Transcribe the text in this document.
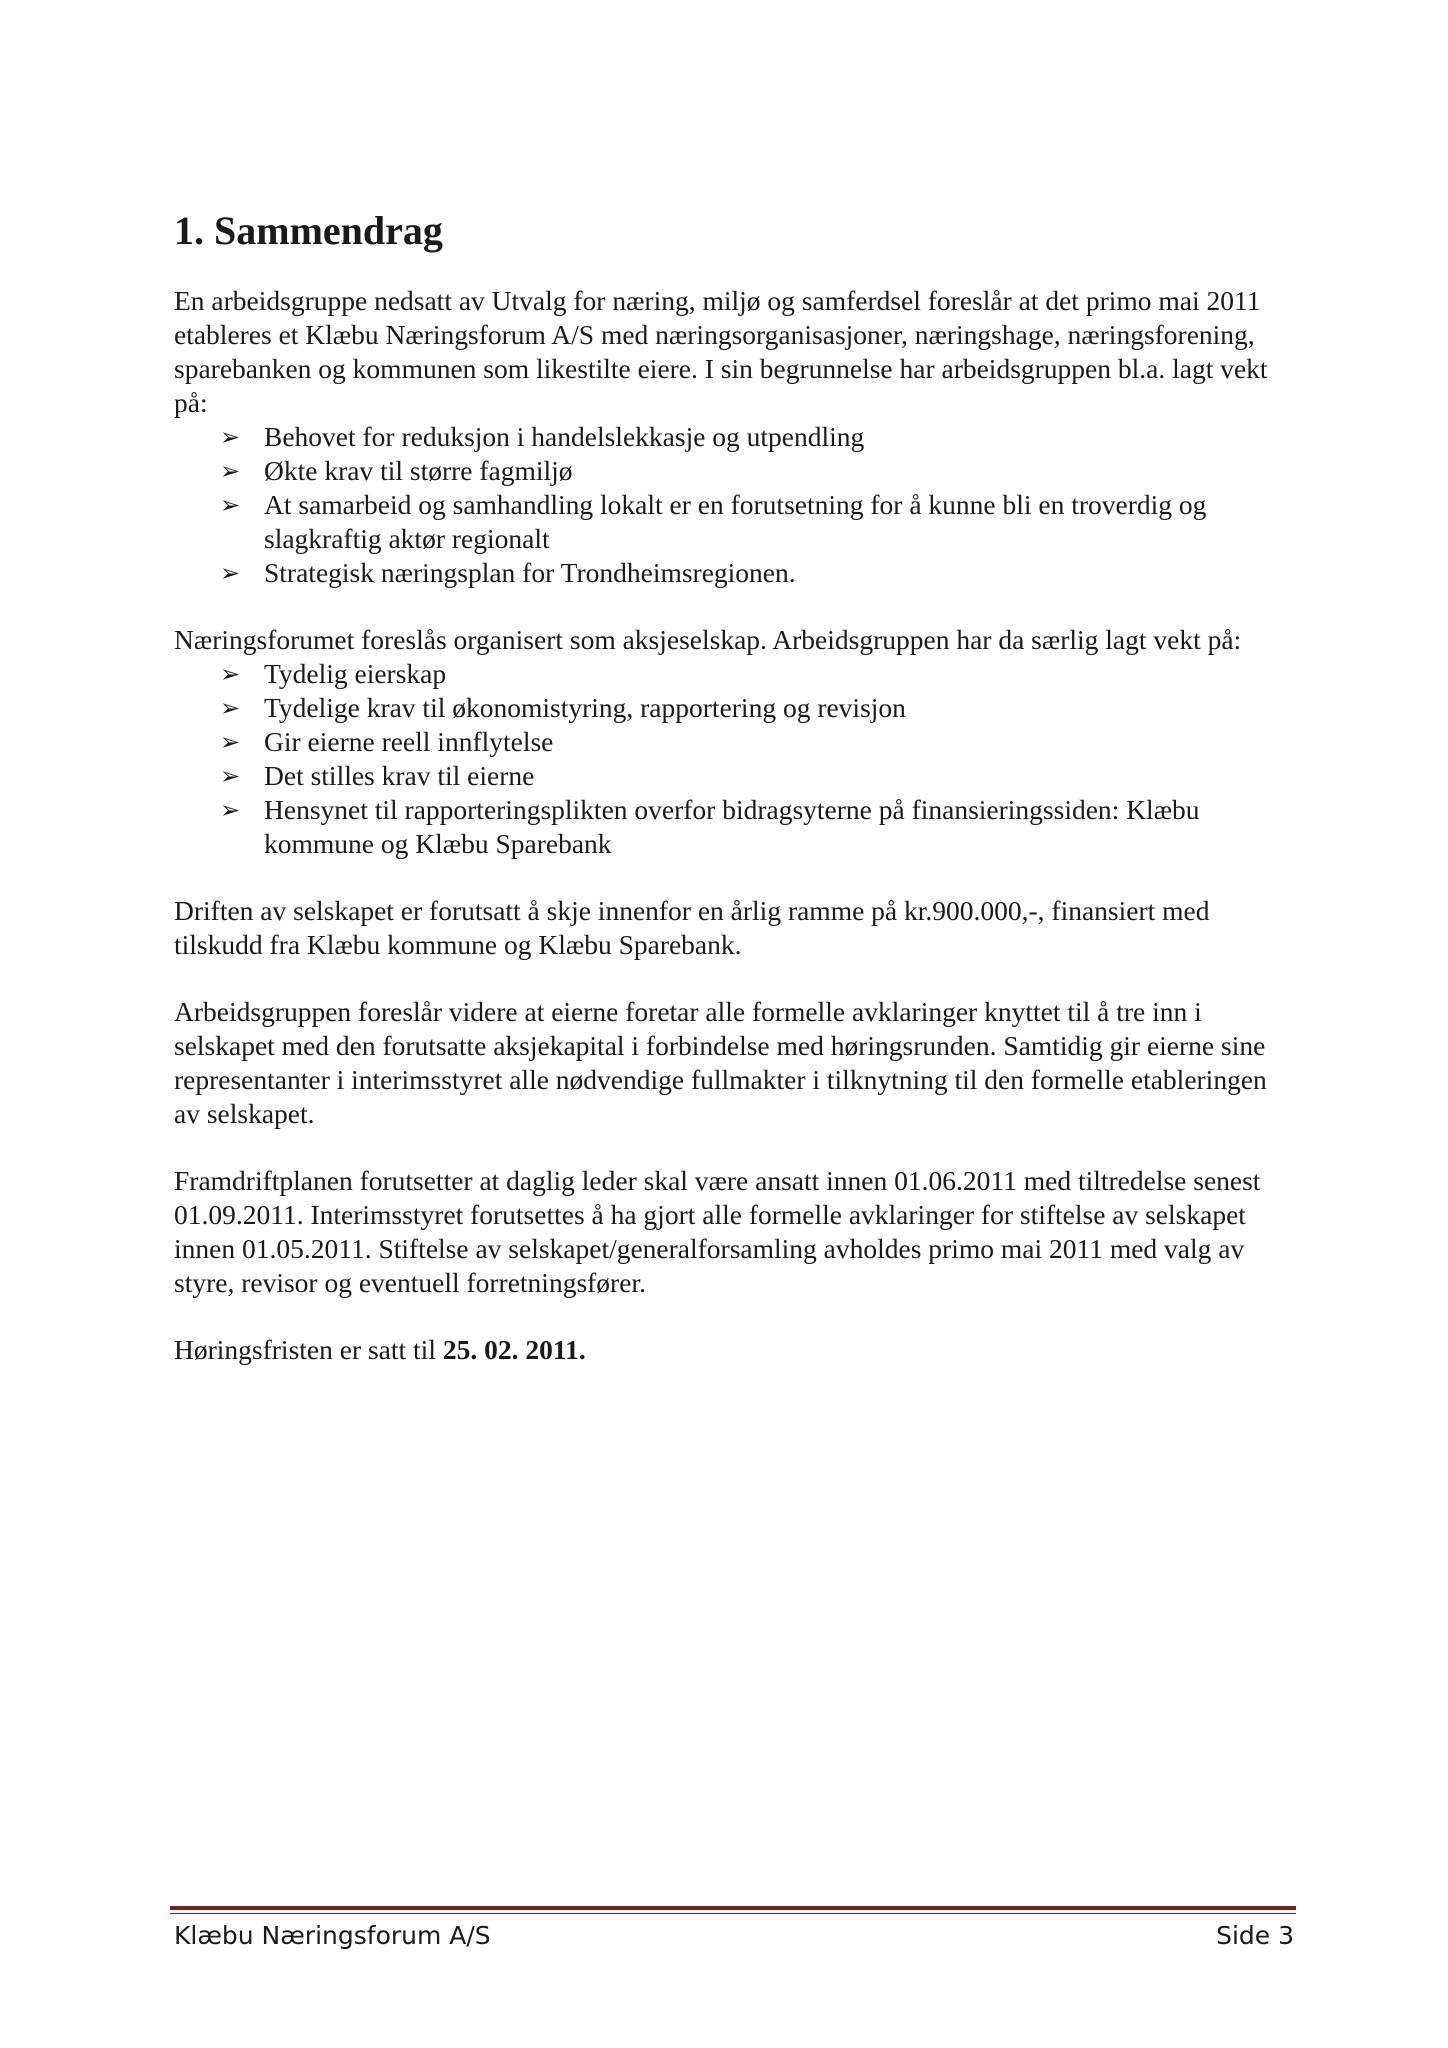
1. Sammendrag

En arbeidsgruppe nedsatt av Utvalg for næring, miljø og samferdsel foreslår at det primo mai 2011 etableres et Klæbu Næringsforum A/S med næringsorganisasjoner, næringshage, næringsforening, sparebanken og kommunen som likestilte eiere. I sin begrunnelse har arbeidsgruppen bl.a. lagt vekt på:

➢ Behovet for reduksjon i handelslekkasje og utpendling
➢ Økte krav til større fagmiljø
➢ At samarbeid og samhandling lokalt er en forutsetning for å kunne bli en troverdig og slagkraftig aktør regionalt
➢ Strategisk næringsplan for Trondheimsregionen.

Næringsforumet foreslås organisert som aksjeselskap. Arbeidsgruppen har da særlig lagt vekt på:

➢ Tydelig eierskap
➢ Tydelige krav til økonomistyring, rapportering og revisjon
➢ Gir eierne reell innflytelse
➢ Det stilles krav til eierne
➢ Hensynet til rapporteringsplikten overfor bidragsyterne på finansieringssiden: Klæbu kommune og Klæbu Sparebank

Driften av selskapet er forutsatt å skje innenfor en årlig ramme på kr.900.000,-, finansiert med tilskudd fra Klæbu kommune og Klæbu Sparebank.

Arbeidsgruppen foreslår videre at eierne foretar alle formelle avklaringer knyttet til å tre inn i selskapet med den forutsatte aksjekapital i forbindelse med høringsrunden. Samtidig gir eierne sine representanter i interimsstyret alle nødvendige fullmakter i tilknytning til den formelle etableringen av selskapet.

Framdriftplanen forutsetter at daglig leder skal være ansatt innen 01.06.2011 med tiltredelse senest 01.09.2011. Interimsstyret forutsettes å ha gjort alle formelle avklaringer for stiftelse av selskapet innen 01.05.2011. Stiftelse av selskapet/generalforsamling avholdes primo mai 2011 med valg av styre, revisor og eventuell forretningsfører.

Høringsfristen er satt til 25. 02. 2011.

Klæbu Næringsforum A/S	Side 3
